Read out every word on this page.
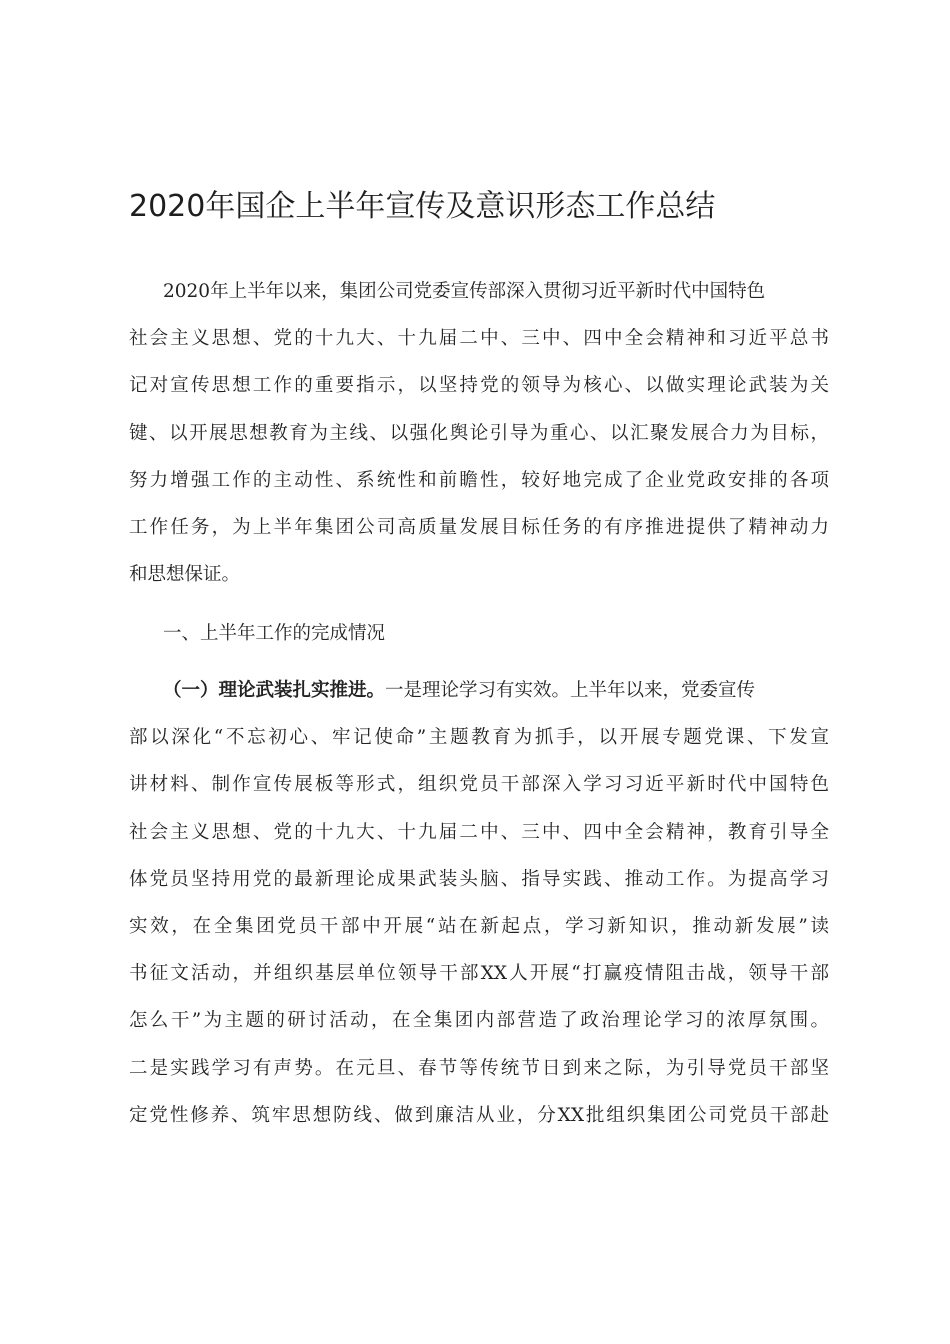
2020年国企上半年宣传及意识形态工作总结
2020年上半年以来，集团公司党委宣传部深入贯彻习近平新时代中国特色
社会主义思想、党的十九大、十九届二中、三中、四中全会精神和习近平总书
记对宣传思想工作的重要指示，以坚持党的领导为核心、以做实理论武装为关
键、以开展思想教育为主线、以强化舆论引导为重心、以汇聚发展合力为目标，
努力增强工作的主动性、系统性和前瞻性，较好地完成了企业党政安排的各项
工作任务，为上半年集团公司高质量发展目标任务的有序推进提供了精神动力
和思想保证。
一、上半年工作的完成情况
（一）理论武装扎实推进。一是理论学习有实效。上半年以来，党委宣传
部以深化“不忘初心、牢记使命”主题教育为抓手，以开展专题党课、下发宣
讲材料、制作宣传展板等形式，组织党员干部深入学习习近平新时代中国特色
社会主义思想、党的十九大、十九届二中、三中、四中全会精神，教育引导全
体党员坚持用党的最新理论成果武装头脑、指导实践、推动工作。为提高学习
实效，在全集团党员干部中开展“站在新起点，学习新知识，推动新发展”读
书征文活动，并组织基层单位领导干部XX人开展“打赢疫情阻击战，领导干部
怎么干”为主题的研讨活动，在全集团内部营造了政治理论学习的浓厚氛围。
二是实践学习有声势。在元旦、春节等传统节日到来之际，为引导党员干部坚
定党性修养、筑牢思想防线、做到廉洁从业，分XX批组织集团公司党员干部赴
